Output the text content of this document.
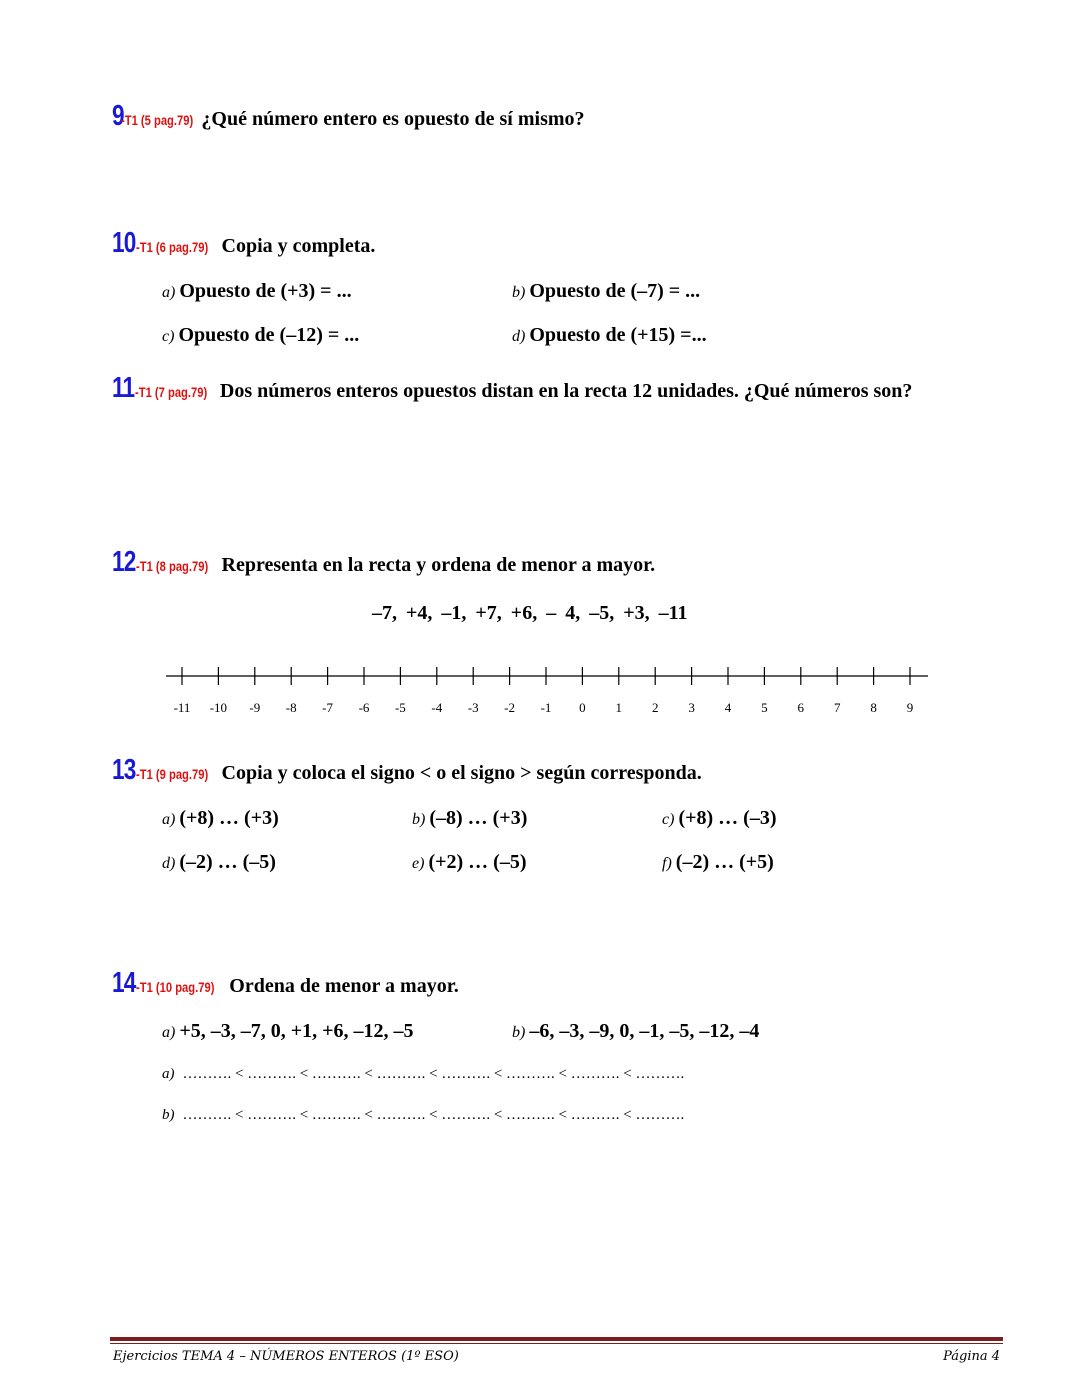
9-T1 (5 pag.79) ¿Qué número entero es opuesto de sí mismo?
10-T1 (6 pag.79) Copia y completa.
a) Opuesto de (+3) = ...	b) Opuesto de (–7) = ...
c) Opuesto de (–12) = ...	d) Opuesto de (+15) =...
11-T1 (7 pag.79) Dos números enteros opuestos distan en la recta 12 unidades. ¿Qué números son?
12-T1 (8 pag.79) Representa en la recta y ordena de menor a mayor.
–7, +4, –1, +7, +6, – 4, –5, +3, –11
-11 -10 -9 -8 -7 -6 -5 -4 -3 -2 -1 0 1 2 3 4 5 6 7 8 9
13-T1 (9 pag.79) Copia y coloca el signo < o el signo > según corresponda.
a) (+8) … (+3)	b) (–8) … (+3)	c) (+8) … (–3)
d) (–2) … (–5)	e) (+2) … (–5)	f) (–2) … (+5)
14-T1 (10 pag.79) Ordena de menor a mayor.
a) +5, –3, –7, 0, +1, +6, –12, –5	b) –6, –3, –9, 0, –1, –5, –12, –4
a) ………. < ………. < ………. < ………. < ………. < ………. < ………. < ……….
b) ………. < ………. < ………. < ………. < ………. < ………. < ………. < ……….
Ejercicios TEMA 4 – NÚMEROS ENTEROS (1º ESO)	Página 4
